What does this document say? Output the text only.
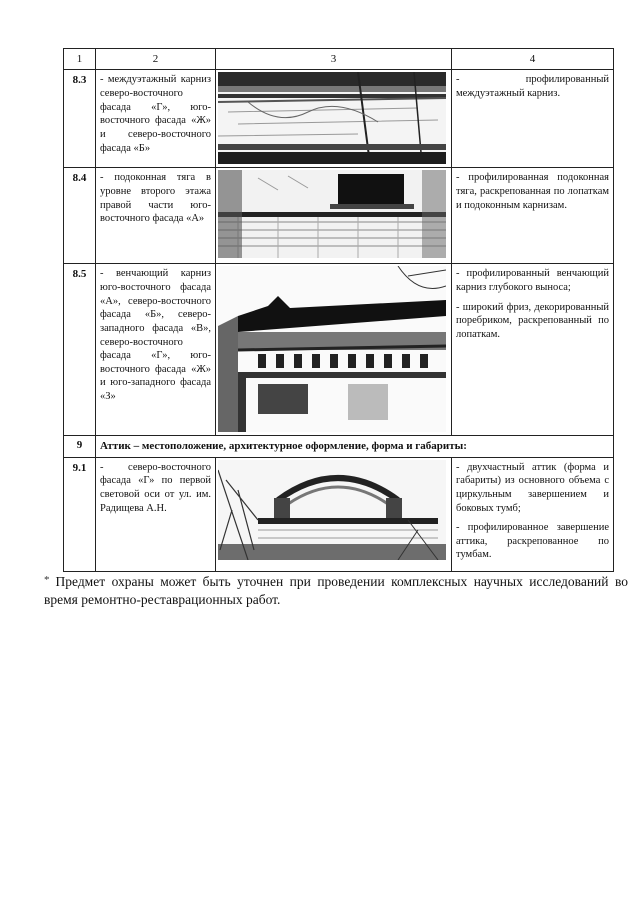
1	2	3	4
8.3	- междуэтажный карниз северо-восточного фасада «Г», юго-восточного фасада «Ж» и северо-восточного фасада «Б»		- профилированный междуэтажный карниз.

8.4	- подоконная тяга в уровне второго этажа правой части юго-восточного фасада «А»		- профилированная подоконная тяга, раскрепованная по лопаткам и подоконным карнизам.

8.5	- венчающий карниз юго-восточного фасада «А», северо-восточного фасада «Б», северо-западного фасада «В», северо-восточного фасада «Г», юго-восточного фасада «Ж» и юго-западного фасада «З»		- профилированный венчающий карниз глубокого выноса;
- широкий фриз, декорированный поребриком, раскрепованный по лопаткам.

9	Аттик – местоположение, архитектурное оформление, форма и габариты:		
9.1	- северо-восточного фасада «Г» по первой световой оси от ул. им. Радищева А.Н.		- двухчастный аттик (форма и габариты) из основного объема с циркульным завершением и боковых тумб;
- профилированное завершение аттика, раскрепованное по тумбам.
* Предмет охраны может быть уточнен при проведении комплексных научных исследований во время ремонтно-реставрационных работ.
